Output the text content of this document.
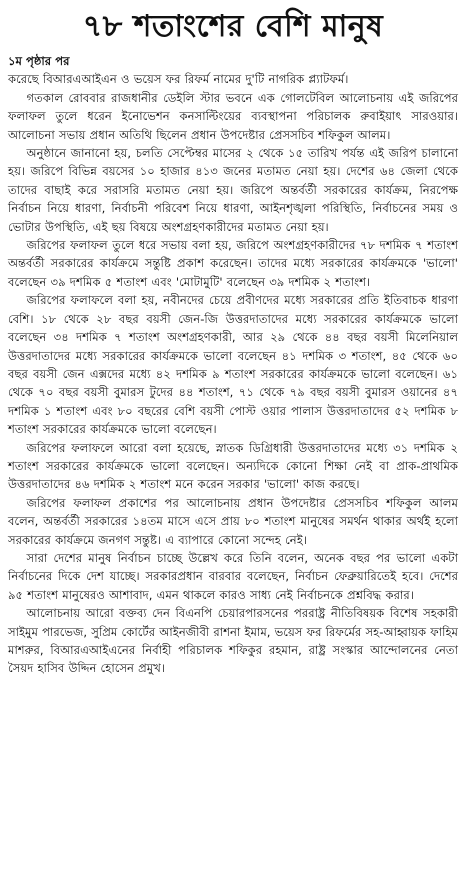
৭৮ শতাংশের বেশি মানুষ
১ম পৃষ্ঠার পর

করেছে বিআরএআইএন ও ভয়েস ফর রিফর্ম নামের দু'টি নাগরিক প্ল্যাটফর্ম।

গতকাল রোববার রাজধানীর ডেইলি স্টার ভবনে এক গোলটেবিল আলোচনায় এই জরিপের ফলাফল তুলে ধরেন ইনোভেশন কনসাল্টিংয়ের ব্যবস্থাপনা পরিচালক রুবাইয়াৎ সারওয়ার। আলোচনা সভায় প্রধান অতিথি ছিলেন প্রধান উপদেষ্টার প্রেসসচিব শফিকুল আলম।

অনুষ্ঠানে জানানো হয়, চলতি সেপ্টেম্বর মাসের ২ থেকে ১৫ তারিখ পর্যন্ত এই জরিপ চালানো হয়। জরিপে বিভিন্ন বয়সের ১০ হাজার ৪১৩ জনের মতামত নেয়া হয়। দেশের ৬৪ জেলা থেকে তাদের বাছাই করে সরাসরি মতামত নেয়া হয়। জরিপে অন্তর্বর্তী সরকারের কার্যক্রম, নিরপেক্ষ নির্বাচন নিয়ে ধারণা, নির্বাচনী পরিবেশ নিয়ে ধারণা, আইনশৃঙ্খলা পরিস্থিতি, নির্বাচনের সময় ও ভোটার উপস্থিতি, এই ছয় বিষয়ে অংশগ্রহণকারীদের মতামত নেয়া হয়।

জরিপের ফলাফল তুলে ধরে সভায় বলা হয়, জরিপে অংশগ্রহণকারীদের ৭৮ দশমিক ৭ শতাংশ অন্তর্বর্তী সরকারের কার্যক্রমে সন্তুষ্টি প্রকাশ করেছেন। তাদের মধ্যে সরকারের কার্যক্রমকে 'ভালো' বলেছেন ৩৯ দশমিক ৫ শতাংশ এবং 'মোটামুটি' বলেছেন ৩৯ দশমিক ২ শতাংশ।

জরিপের ফলাফলে বলা হয়, নবীনদের চেয়ে প্রবীণদের মধ্যে সরকারের প্রতি ইতিবাচক ধারণা বেশি। ১৮ থেকে ২৮ বছর বয়সী জেন-জি উত্তরদাতাদের মধ্যে সরকারের কার্যক্রমকে ভালো বলেছেন ৩৪ দশমিক ৭ শতাংশ অংশগ্রহণকারী, আর ২৯ থেকে ৪৪ বছর বয়সী মিলেনিয়াল উত্তরদাতাদের মধ্যে সরকারের কার্যক্রমকে ভালো বলেছেন ৪১ দশমিক ৩ শতাংশ, ৪৫ থেকে ৬০ বছর বয়সী জেন এক্সদের মধ্যে ৪২ দশমিক ৯ শতাংশ সরকারের কার্যক্রমকে ভালো বলেছেন। ৬১ থেকে ৭০ বছর বয়সী বুমারস টুদের ৪৪ শতাংশ, ৭১ থেকে ৭৯ বছর বয়সী বুমারস ওয়ানের ৪৭ দশমিক ১ শতাংশ এবং ৮০ বছরের বেশি বয়সী পোস্ট ওয়ার পালাস উত্তরদাতাদের ৫২ দশমিক ৮ শতাংশ সরকারের কার্যক্রমকে ভালো বলেছেন।

জরিপের ফলাফলে আরো বলা হয়েছে, স্নাতক ডিগ্রিধারী উত্তরদাতাদের মধ্যে ৩১ দশমিক ২ শতাংশ সরকারের কার্যক্রমকে ভালো বলেছেন। অন্যদিকে কোনো শিক্ষা নেই বা প্রাক-প্রাথমিক উত্তরদাতাদের ৪৬ দশমিক ২ শতাংশ মনে করেন সরকার 'ভালো' কাজ করছে।

জরিপের ফলাফল প্রকাশের পর আলোচনায় প্রধান উপদেষ্টার প্রেসসচিব শফিকুল আলম বলেন, অন্তর্বর্তী সরকারের ১৪তম মাসে এসে প্রায় ৮০ শতাংশ মানুষের সমর্থন থাকার অর্থই হলো সরকারের কার্যক্রমে জনগণ সন্তুষ্ট। এ ব্যাপারে কোনো সন্দেহ নেই।

সারা দেশের মানুষ নির্বাচন চাচ্ছে উল্লেখ করে তিনি বলেন, অনেক বছর পর ভালো একটা নির্বাচনের দিকে দেশ যাচ্ছে। সরকারপ্রধান বারবার বলেছেন, নির্বাচন ফেব্রুয়ারিতেই হবে। দেশের ৯৫ শতাংশ মানুষেরও আশাবাদ, এমন থাকলে কারও সাধ্য নেই নির্বাচনকে প্রশ্নবিদ্ধ করার।

আলোচনায় আরো বক্তব্য দেন বিএনপি চেয়ারপারসনের পররাষ্ট্র নীতিবিষয়ক বিশেষ সহকারী সাইমুম পারভেজ, সুপ্রিম কোর্টের আইনজীবী রাশনা ইমাম, ভয়েস ফর রিফর্মের সহ-আহ্বায়ক ফাহিম মাশরুর, বিআরএআইএনের নির্বাহী পরিচালক শফিকুর রহমান, রাষ্ট্র সংস্কার আন্দোলনের নেতা সৈয়দ হাসিব উদ্দিন হোসেন প্রমুখ।
